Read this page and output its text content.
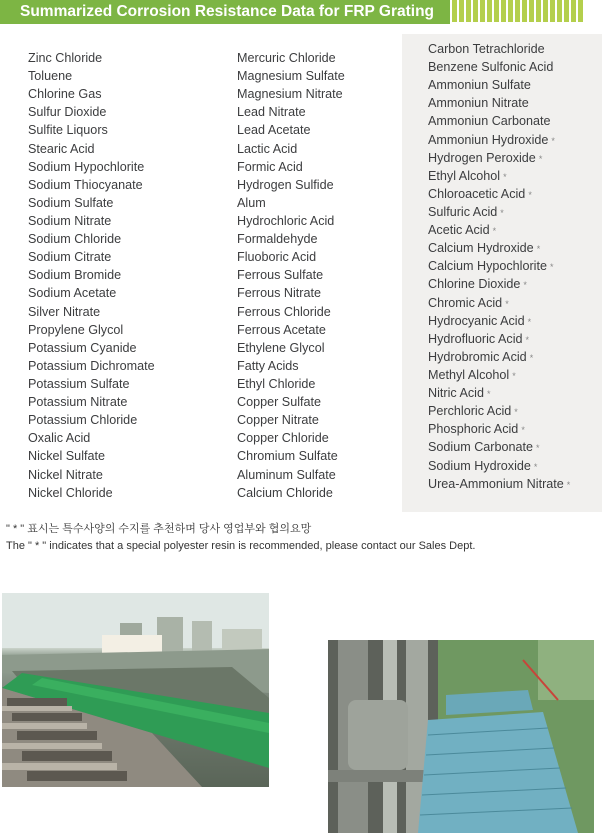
Summarized Corrosion Resistance Data for FRP Grating
Zinc Chloride
Toluene
Chlorine Gas
Sulfur Dioxide
Sulfite Liquors
Stearic Acid
Sodium Hypochlorite
Sodium Thiocyanate
Sodium Sulfate
Sodium Nitrate
Sodium Chloride
Sodium Citrate
Sodium Bromide
Sodium Acetate
Silver Nitrate
Propylene Glycol
Potassium Cyanide
Potassium Dichromate
Potassium Sulfate
Potassium Nitrate
Potassium Chloride
Oxalic Acid
Nickel Sulfate
Nickel Nitrate
Nickel Chloride
Mercuric Chloride
Magnesium Sulfate
Magnesium Nitrate
Lead Nitrate
Lead Acetate
Lactic Acid
Formic Acid
Hydrogen Sulfide
Alum
Hydrochloric Acid
Formaldehyde
Fluoboric Acid
Ferrous Sulfate
Ferrous Nitrate
Ferrous Chloride
Ferrous Acetate
Ethylene Glycol
Fatty Acids
Ethyl Chloride
Copper Sulfate
Copper Nitrate
Copper Chloride
Chromium Sulfate
Aluminum Sulfate
Calcium Chloride
Carbon Tetrachloride
Benzene Sulfonic Acid
Ammoniun Sulfate
Ammoniun Nitrate
Ammoniun Carbonate
Ammoniun Hydroxide *
Hydrogen Peroxide *
Ethyl Alcohol *
Chloroacetic Acid *
Sulfuric Acid *
Acetic Acid *
Calcium Hydroxide *
Calcium Hypochlorite *
Chlorine Dioxide *
Chromic Acid *
Hydrocyanic Acid *
Hydrofluoric Acid *
Hydrobromic Acid *
Methyl Alcohol *
Nitric Acid *
Perchloric Acid *
Phosphoric Acid *
Sodium Carbonate *
Sodium Hydroxide *
Urea-Ammonium Nitrate *
" * " 표시는 특수사양의 수지를 추천하며 당사 영업부와 협의요망
The " * " indicates that a special polyester resin is recommended, please contact our Sales Dept.
